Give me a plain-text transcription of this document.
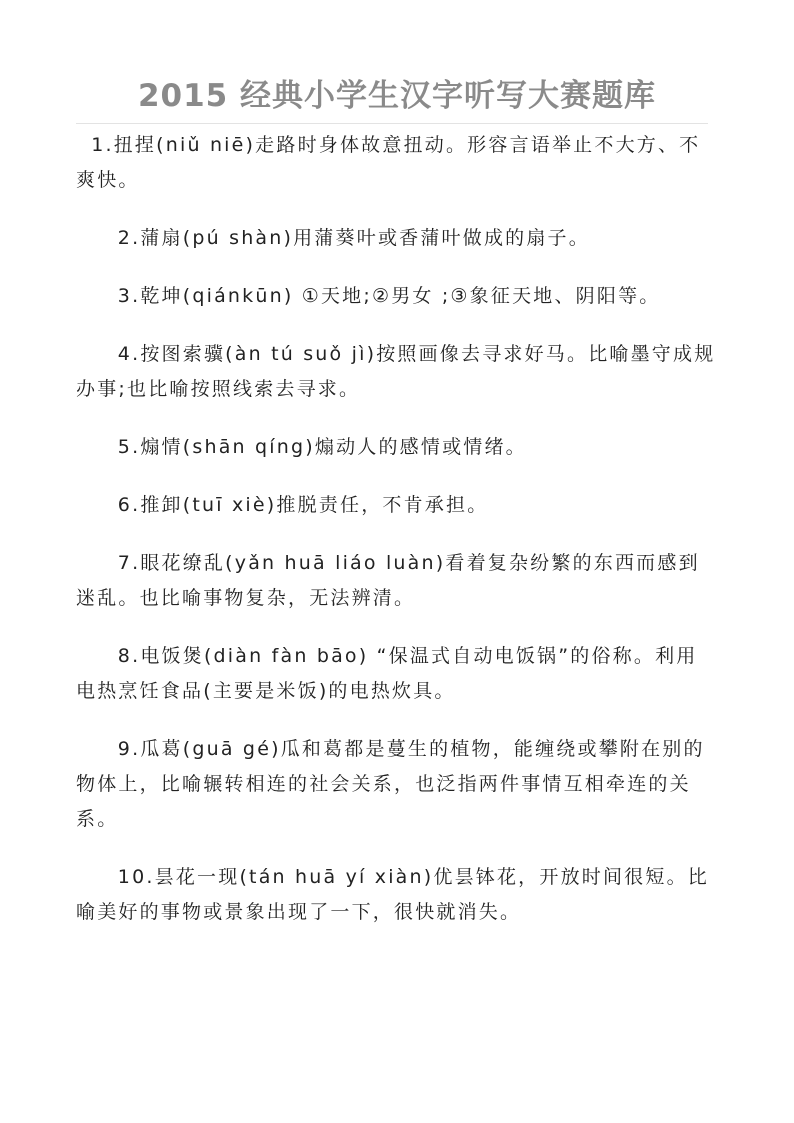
2015 经典小学生汉字听写大赛题库

1.扭捏(niǔ niē)走路时身体故意扭动。形容言语举止不大方、不爽快。

2.蒲扇(pú shàn)用蒲葵叶或香蒲叶做成的扇子。

3.乾坤(qiánkūn) ①天地;②男女 ;③象征天地、阴阳等。

4.按图索骥(àn tú suǒ jì)按照画像去寻求好马。比喻墨守成规办事;也比喻按照线索去寻求。

5.煽情(shān qíng)煽动人的感情或情绪。

6.推卸(tuī xiè)推脱责任，不肯承担。

7.眼花缭乱(yǎn huā liáo luàn)看着复杂纷繁的东西而感到迷乱。也比喻事物复杂，无法辨清。

8.电饭煲(diàn fàn bāo) “保温式自动电饭锅”的俗称。利用电热烹饪食品(主要是米饭)的电热炊具。

9.瓜葛(guā gé)瓜和葛都是蔓生的植物，能缠绕或攀附在别的物体上，比喻辗转相连的社会关系，也泛指两件事情互相牵连的关系。

10.昙花一现(tán huā yí xiàn)优昙钵花，开放时间很短。比喻美好的事物或景象出现了一下，很快就消失。
